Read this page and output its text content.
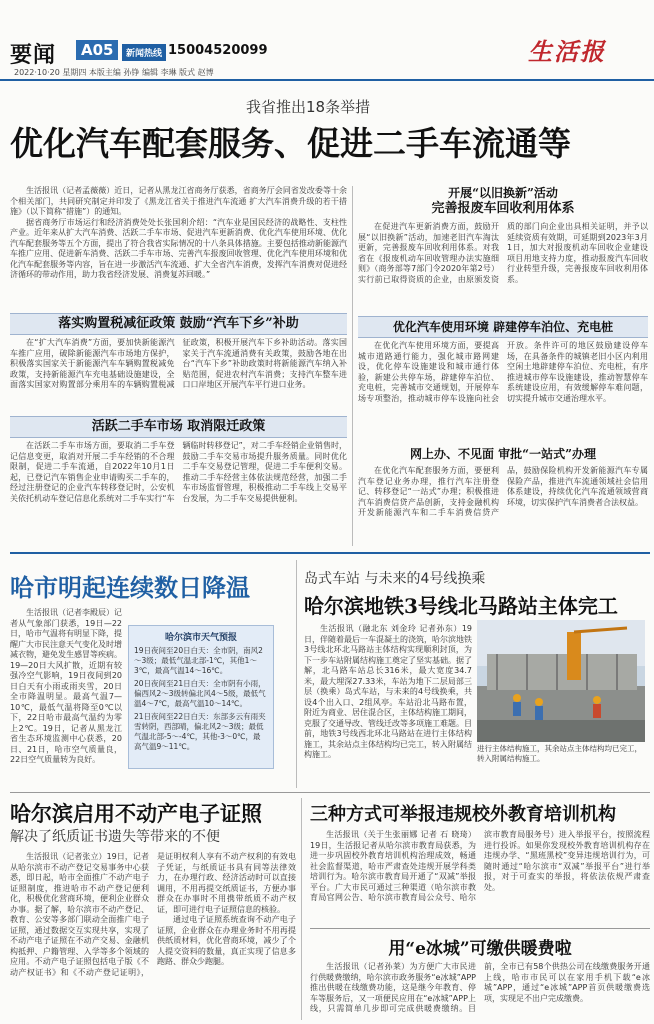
要闻	A05	新闻热线 15004520099	生活报
2022·10·20 星期四 本版主编 孙铮 编辑 李琳 版式 赵博
我省推出18条举措
优化汽车配套服务、促进二手车流通等

生活报讯（记者孟薇薇）近日，记者从黑龙江省商务厅获悉，省商务厅会同省发改委等十余个相关部门，共同研究制定并印发了《黑龙江省关于推进汽车流通 扩大汽车消费升级的若干措施》（以下简称“措施”）的通知。

据省商务厅市场运行和经济消费处处长张国利介绍：“汽车业是国民经济的战略性、支柱性产业。近年来从扩大汽车消费、活跃二手车市场、促进汽车更新消费、优化汽车使用环境、优化汽车配套服务等五个方面，提出了符合我省实际情况的十八条具体措施。主要包括推动新能源汽车推广应用、促进新车消费、活跃二手车市场、完善汽车报废回收管理、优化汽车使用环境和优化汽车配套服务等内容，旨在进一步激活汽车流通、扩大全省汽车消费，发挥汽车消费对促进经济循环的带动作用，助力我省经济发展、消费复苏回暖。”

落实购置税减征政策 鼓励“汽车下乡”补助

在“扩大汽车消费”方面，要加快新能源汽车推广应用，破除新能源汽车市场地方保护，积极落实国家关于新能源汽车车辆购置税减免政策，支持新能源汽车充电基础设施建设，全面落实国家对购置部分乘用车的车辆购置税减征政策，积极开展汽车下乡补助活动。落实国家关于汽车流通消费有关政策，鼓励各地在出台“汽车下乡”补助政策时将新能源汽车纳入补贴范围，促进农村汽车消费；支持汽车整车进口口岸地区开展汽车平行进口业务。

活跃二手车市场 取消限迁政策

在活跃二手车市场方面，要取消二手车登记信息变更，取消对开展二手车经销的不合理限制，促进二手车流通，自2022年10月1日起，已登记汽车销售企业申请购买二手车的，经过注册登记的企业汽车转移登记时，公安机关依托机动车登记信息化系统对二手车实行“车辆临时转移登记”，对二手车经销企业销售时，鼓励二手车交易市场提升服务质量。同时优化二手车交易登记管理，促进二手车便利交易。推动二手车经营主体依法规范经营，加强二手车市场监督管理，积极推动二手车线上交易平台发展，为二手车交易提供便利。

开展“以旧换新”活动
完善报废车回收利用体系

在促进汽车更新消费方面，鼓励开展“以旧换新”活动，加速老旧汽车淘汰更新，完善报废车回收利用体系。对我省在《报废机动车回收管理办法实施细则》（商务部等7部门令2020年第2号）实行前已取得资质的企业，由原颁发资质的部门向企业出具相关证明，并予以延续资质有效期，可延期到2023年3月1日，加大对报废机动车回收企业建设项目用地支持力度，推动报废汽车回收行业转型升级，完善报废车回收利用体系。

优化汽车使用环境 辟建停车泊位、充电桩

在优化汽车使用环境方面，要提高城市道路通行能力，强化城市路网建设，优化停车设施建设和城市通行体验，新建公共停车场，辟建停车泊位、充电桩，完善城市交通规划，开展停车场专项整治，推动城市停车设施向社会开放。条件许可的地区鼓励建设停车场，在具备条件的城镇老旧小区内利用空闲土地辟建停车泊位、充电桩，有序推进城市停车设施建设，推动智慧停车系统建设应用，有效缓解停车难问题，切实提升城市交通治理水平。

网上办、不见面 审批“一站式”办理

在优化汽车配套服务方面，要便利汽车登记业务办理，推行汽车注册登记、转移登记“一站式”办理；积极推进汽车消费信贷产品创新，支持金融机构开发新能源汽车和二手车消费信贷产品，鼓励保险机构开发新能源汽车专属保险产品，推进汽车流通领域社会信用体系建设，持续优化汽车流通领域营商环境，切实保护汽车消费者合法权益。

哈市明起连续数日降温

生活报讯（记者李殿辰）记者从气象部门获悉，19日—22日，哈市气温将有明显下降，提醒广大市民注意天气变化及时增减衣物，避免发生感冒等疾病。19—20日大风扩散，近期有较强冷空气影响，19日夜间到20日白天有小雨或雨夹雪，20日全市降温明显。最高气温7—10℃，最低气温将降至0℃以下，22日哈市最高气温约为零上2℃。19日，记者从黑龙江省生态环境监测中心获悉，20日、21日，哈市空气质量良，22日空气质量转为良好。

哈尔滨市天气预报
19日夜间至20日白天：全市阴，南风2～3级；最低气温北部-1℃，其他1～3℃，最高气温14～16℃。
20日夜间至21日白天：全市阴有小雨，偏西风2～3级转偏北风4～5级，最低气温4～7℃，最高气温10～14℃。
21日夜间至22日白天：东部多云有雨夹雪转阴，西部晴，偏北风2～3级；最低气温北部-5～-4℃，其他-3～0℃，最高气温9～11℃。
岛式车站 与未来的4号线换乘
哈尔滨地铁3号线北马路站主体完工

生活报讯（融北东 刘金玲 记者孙东）19日，伴随着最后一车混凝土的浇筑，哈尔滨地铁3号线北环北马路站主体结构实现顺利封顶，为下一步车站附属结构施工奠定了坚实基础。据了解，北马路车站总长316米，最大宽度34.7米，最大埋深27.33米，车站为地下二层局部三层（换乘）岛式车站，与未来的4号线换乘，共设4个出入口、2组风亭。车站沿北马路布置，附近为商业、居住混合区，主体结构施工期间，克服了交通导改、管线迁改等多项施工难题。目前，地铁3号线西北环北马路站在进行主体结构施工，其余站点主体结构均已完工，转入附属结构施工。

进行主体结构施工，其余站点主体结构均已完工，转入附属结构施工。
哈尔滨启用不动产电子证照
解决了纸质证书遗失等带来的不便

生活报讯（记者张立）19日，记者从哈尔滨市不动产登记交易事务中心获悉，即日起，哈市全面推广不动产电子证照制度，推进哈市不动产登记便利化，积极优化营商环境，便利企业群众办事。据了解，哈尔滨市不动产登记、教育、公安等多部门联动全面推广电子证照，通过数据交互实现共享，实现了不动产电子证照在不动产交易、金融机构抵押、户籍管理、入学等多个领域的应用。不动产电子证照包括电子版《不动产权证书》和《不动产登记证明》，是证明权利人享有不动产权利的有效电子凭证，与纸质证书具有同等法律效力，在办理行政、经济活动时可以直接调用，不用再提交纸质证书，方便办事群众在办事时不用携带纸质不动产权证，即可进行电子证照信息的核验。

通过电子证照系统查询不动产电子证照，企业群众在办理业务时不用再提供纸质材料，优化营商环境，减少了个人提交资料的数量，真正实现了信息多跑路、群众少跑腿。

三种方式可举报违规校外教育培训机构

生活报讯（关于生张丽娜 记者 石 晓琦）19日，生活报记者从哈尔滨市教育局获悉，为进一步巩固校外教育培训机构治理成效，畅通社会监督渠道，哈市严肃查处违规开展学科类培训行为。哈尔滨市教育局开通了“双减”举报平台。广大市民可通过三种渠道（哈尔滨市教育局官网公告、哈尔滨市教育局公众号、哈尔滨市教育局服务号）进入举报平台，按照流程进行投诉。如果你发现校外教育培训机构存在违规办学、“黑班黑校”变异违规培训行为，可随时通过“哈尔滨市“双减”举报平台”进行举报，对于可查实的举报，将依法依规严肃查处。

用“e冰城”可缴供暖费啦

生活报讯（记者孙莱）为方便广大市民进行供暖费缴纳，哈尔滨市政务服务“e冰城”APP推出供暖在线缴费功能，这是继今年教育、停车等服务后，又一项便民应用在“e冰城”APP上线，只需简单几步即可完成供暖费缴纳。目前，全市已有58个供热公司在线缴费服务开通上线，哈市市民可以在家用手机下载“e冰城”APP，通过“e冰城”APP首页供暖缴费选项，实现足不出户完成缴费。
